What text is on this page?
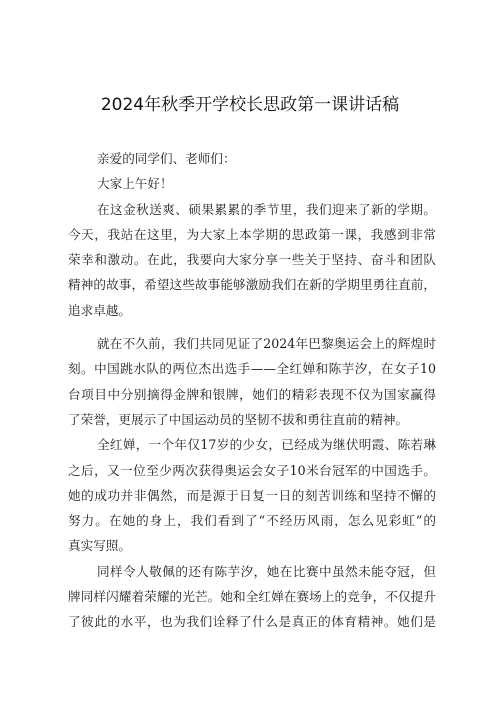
2024年秋季开学校长思政第一课讲话稿
亲爱的同学们、老师们：
大家上午好！
在这金秋送爽、硕果累累的季节里，我们迎来了新的学期。
今天，我站在这里，为大家上本学期的思政第一课，我感到非常
荣幸和激动。在此，我要向大家分享一些关于坚持、奋斗和团队
精神的故事，希望这些故事能够激励我们在新的学期里勇往直前，
追求卓越。
就在不久前，我们共同见证了2024年巴黎奥运会上的辉煌时
刻。中国跳水队的两位杰出选手——全红婵和陈芋汐，在女子10
台项目中分别摘得金牌和银牌，她们的精彩表现不仅为国家赢得
了荣誉，更展示了中国运动员的坚韧不拔和勇往直前的精神。
全红婵，一个年仅17岁的少女，已经成为继伏明霞、陈若琳
之后，又一位至少两次获得奥运会女子10米台冠军的中国选手。
她的成功并非偶然，而是源于日复一日的刻苦训练和坚持不懈的
努力。在她的身上，我们看到了“不经历风雨，怎么见彩虹”的
真实写照。
同样令人敬佩的还有陈芋汐，她在比赛中虽然未能夺冠，但
牌同样闪耀着荣耀的光芒。她和全红婵在赛场上的竞争，不仅提升
了彼此的水平，也为我们诠释了什么是真正的体育精神。她们是
